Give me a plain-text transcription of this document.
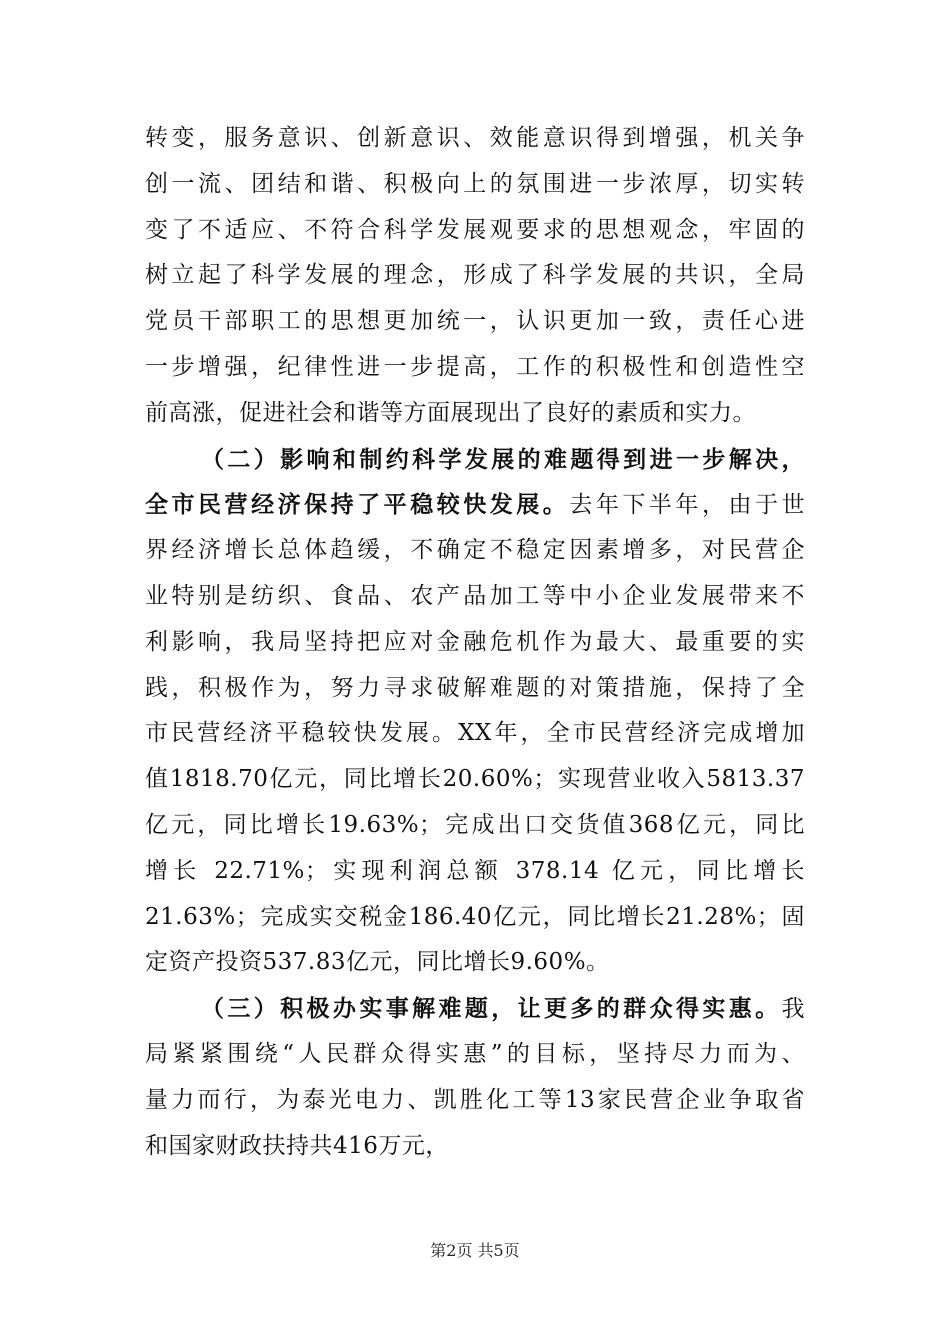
转变，服务意识、创新意识、效能意识得到增强，机关争
创一流、团结和谐、积极向上的氛围进一步浓厚，切实转
变了不适应、不符合科学发展观要求的思想观念，牢固的
树立起了科学发展的理念，形成了科学发展的共识，全局
党员干部职工的思想更加统一，认识更加一致，责任心进
一步增强，纪律性进一步提高，工作的积极性和创造性空
前高涨，促进社会和谐等方面展现出了良好的素质和实力。
（二）影响和制约科学发展的难题得到进一步解决，
全市民营经济保持了平稳较快发展。去年下半年，由于世
界经济增长总体趋缓，不确定不稳定因素增多，对民营企
业特别是纺织、食品、农产品加工等中小企业发展带来不
利影响，我局坚持把应对金融危机作为最大、最重要的实
践，积极作为，努力寻求破解难题的对策措施，保持了全
市民营经济平稳较快发展。XX年，全市民营经济完成增加
值1818.70亿元，同比增长20.60%；实现营业收入5813.37
亿元，同比增长19.63%；完成出口交货值368亿元，同比
增长 22.71%；实现利润总额 378.14 亿元，同比增长
21.63%；完成实交税金186.40亿元，同比增长21.28%；固
定资产投资537.83亿元，同比增长9.60%。
（三）积极办实事解难题，让更多的群众得实惠。我
局紧紧围绕“人民群众得实惠”的目标，坚持尽力而为、
量力而行，为泰光电力、凯胜化工等13家民营企业争取省
和国家财政扶持共416万元，
第2页 共5页
